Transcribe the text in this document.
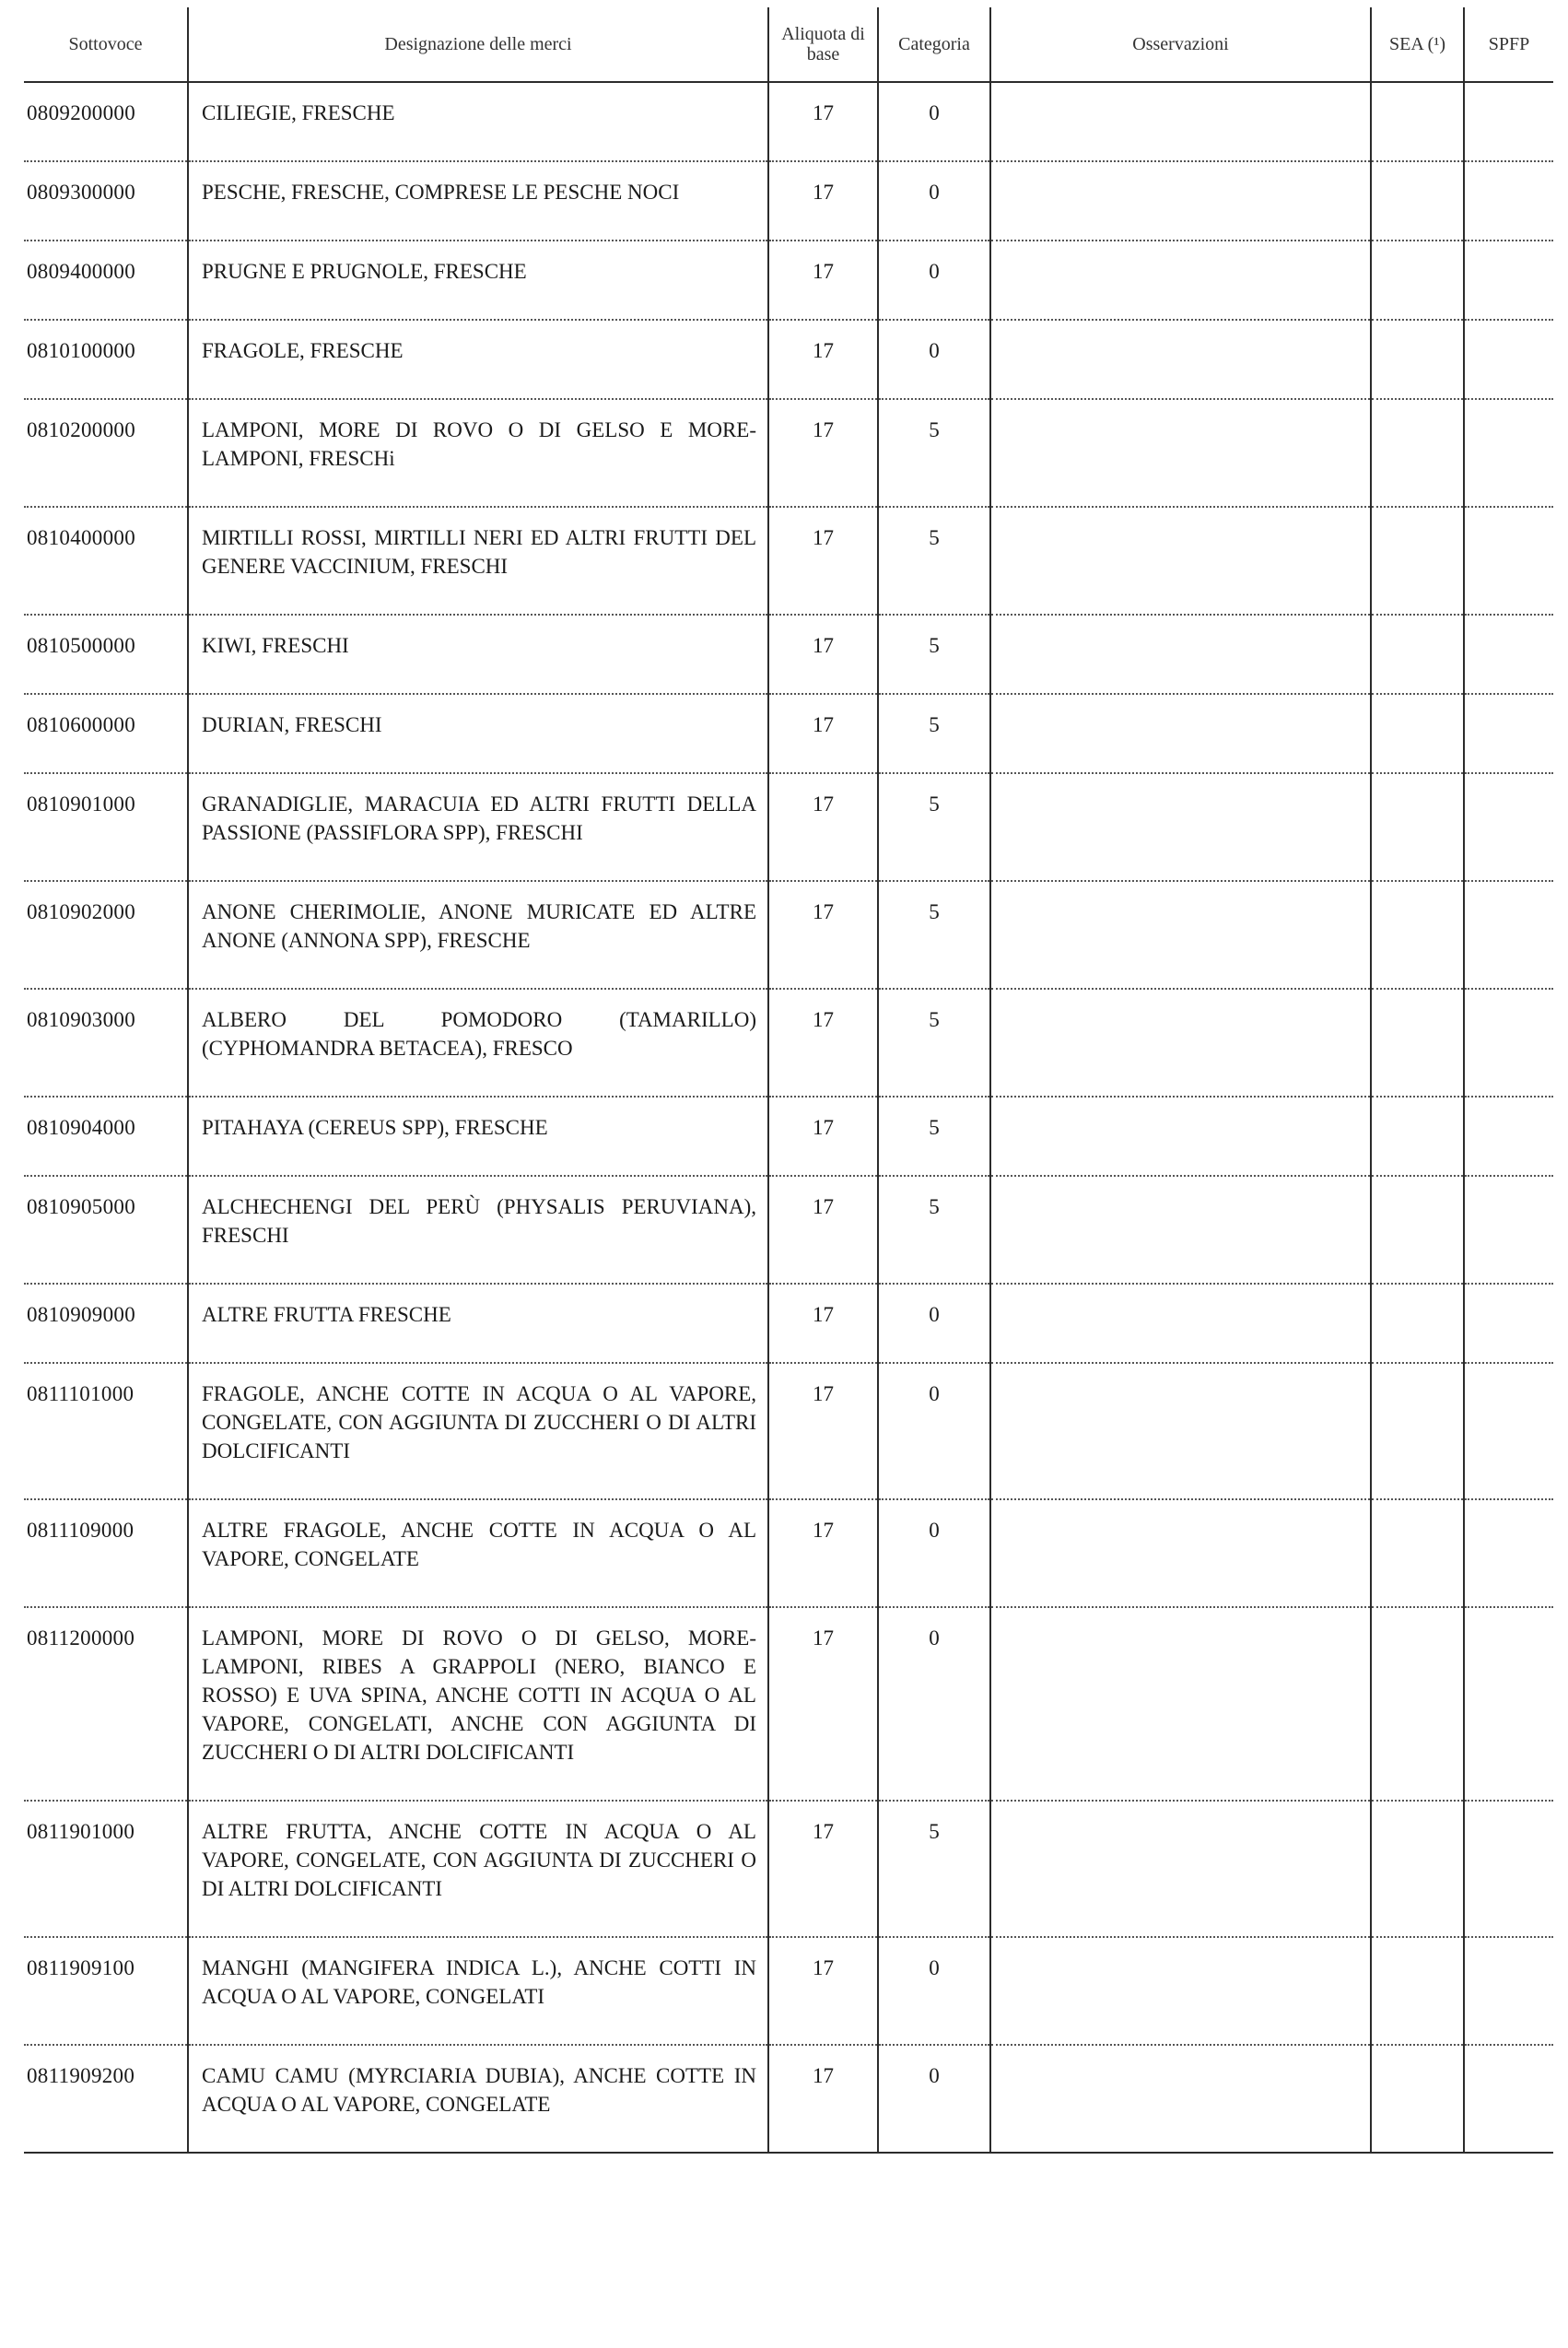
Sottovoce	Designazione delle merci	Aliquota di base	Categoria	Osservazioni	SEA (¹)	SPFP
0809200000	CILIEGIE, FRESCHE	17	0			
0809300000	PESCHE, FRESCHE, COMPRESE LE PESCHE NOCI	17	0			
0809400000	PRUGNE E PRUGNOLE, FRESCHE	17	0			
0810100000	FRAGOLE, FRESCHE	17	0			
0810200000	LAMPONI, MORE DI ROVO O DI GELSO E MORE-LAMPONI, FRESCHi	17	5			
0810400000	MIRTILLI ROSSI, MIRTILLI NERI ED ALTRI FRUTTI DEL GENERE VACCINIUM, FRESCHI	17	5			
0810500000	KIWI, FRESCHI	17	5			
0810600000	DURIAN, FRESCHI	17	5			
0810901000	GRANADIGLIE, MARACUIA ED ALTRI FRUTTI DELLA PASSIONE (PASSIFLORA SPP), FRESCHI	17	5			
0810902000	ANONE CHERIMOLIE, ANONE MURICATE ED ALTRE ANONE (ANNONA SPP), FRESCHE	17	5			
0810903000	ALBERO DEL POMODORO (TAMARILLO) (CYPHOMANDRA BETACEA), FRESCO	17	5			
0810904000	PITAHAYA (CEREUS SPP), FRESCHE	17	5			
0810905000	ALCHECHENGI DEL PERÙ (PHYSALIS PERUVIANA), FRESCHI	17	5			
0810909000	ALTRE FRUTTA FRESCHE	17	0			
0811101000	FRAGOLE, ANCHE COTTE IN ACQUA O AL VAPORE, CONGELATE, CON AGGIUNTA DI ZUCCHERI O DI ALTRI DOLCIFICANTI	17	0			
0811109000	ALTRE FRAGOLE, ANCHE COTTE IN ACQUA O AL VAPORE, CONGELATE	17	0			
0811200000	LAMPONI, MORE DI ROVO O DI GELSO, MORE-LAMPONI, RIBES A GRAPPOLI (NERO, BIANCO E ROSSO) E UVA SPINA, ANCHE COTTI IN ACQUA O AL VAPORE, CONGELATI, ANCHE CON AGGIUNTA DI ZUCCHERI O DI ALTRI DOLCIFICANTI	17	0			
0811901000	ALTRE FRUTTA, ANCHE COTTE IN ACQUA O AL VAPORE, CONGELATE, CON AGGIUNTA DI ZUCCHERI O DI ALTRI DOLCIFICANTI	17	5			
0811909100	MANGHI (MANGIFERA INDICA L.), ANCHE COTTI IN ACQUA O AL VAPORE, CONGELATI	17	0			
0811909200	CAMU CAMU (MYRCIARIA DUBIA), ANCHE COTTE IN ACQUA O AL VAPORE, CONGELATE	17	0			
